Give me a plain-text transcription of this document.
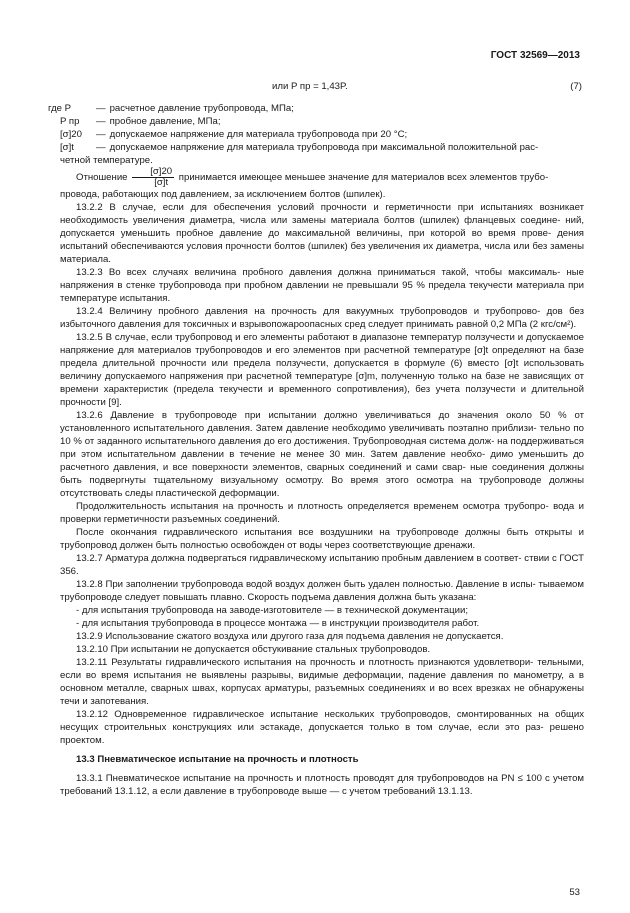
ГОСТ 32569—2013
или P пр = 1,43P.	(7)

где P	— расчетное давление трубопровода, МПа;

P пр	— пробное давление, МПа;

[σ]20	— допускаемое напряжение для материала трубопровода при 20 °С;

[σ]t	— допускаемое напряжение для материала трубопровода при максимальной положительной рас-
четной температуре.

Отношение $\frac{[\sigma]20}{[\sigma]t}$ принимается имеющее меньшее значение для материалов всех элементов трубо-

провода, работающих под давлением, за исключением болтов (шпилек).

13.2.2 В случае, если для обеспечения условий прочности и герметичности при испытаниях возникает необходимость увеличения диаметра, числа или замены материала болтов (шпилек) фланцевых соедине- ний, допускается уменьшить пробное давление до максимальной величины, при которой во время прове- дения испытаний обеспечиваются условия прочности болтов (шпилек) без увеличения их диаметра, числа или без замены материала.

13.2.3 Во всех случаях величина пробного давления должна приниматься такой, чтобы максималь- ные напряжения в стенке трубопровода при пробном давлении не превышали 95 % предела текучести материала при температуре испытания.

13.2.4 Величину пробного давления на прочность для вакуумных трубопроводов и трубопрово- дов без избыточного давления для токсичных и взрывопожароопасных сред следует принимать равной 0,2 МПа (2 кгс/см²).

13.2.5 В случае, если трубопровод и его элементы работают в диапазоне температур ползучести и допускаемое напряжение для материалов трубопроводов и его элементов при расчетной температуре [σ]t определяют на базе предела длительной прочности или предела ползучести, допускается в формуле (6) вместо [σ]t использовать величину допускаемого напряжения при расчетной температуре [σ]m, полученную только на базе не зависящих от времени характеристик (предела текучести и временного сопротивления), без учета ползучести и длительной прочности [9].

13.2.6 Давление в трубопроводе при испытании должно увеличиваться до значения около 50 % от установленного испытательного давления. Затем давление необходимо увеличивать поэтапно приблизи- тельно по 10 % от заданного испытательного давления до его достижения. Трубопроводная система долж- на поддерживаться при этом испытательном давлении в течение не менее 30 мин. Затем давление необхо- димо уменьшить до расчетного давления, и все поверхности элементов, сварных соединений и сами свар- ные соединения должны быть подвергнуты тщательному визуальному осмотру. Во время этого осмотра на трубопроводе должны отсутствовать следы пластической деформации.

Продолжительность испытания на прочность и плотность определяется временем осмотра трубопро- вода и проверки герметичности разъемных соединений.

После окончания гидравлического испытания все воздушники на трубопроводе должны быть открыты и трубопровод должен быть полностью освобожден от воды через соответствующие дренажи.

13.2.7 Арматура должна подвергаться гидравлическому испытанию пробным давлением в соответ- ствии с ГОСТ 356.

13.2.8 При заполнении трубопровода водой воздух должен быть удален полностью. Давление в испы- тываемом трубопроводе следует повышать плавно. Скорость подъема давления должна быть указана:

- для испытания трубопровода на заводе-изготовителе — в технической документации;

- для испытания трубопровода в процессе монтажа — в инструкции производителя работ.

13.2.9 Использование сжатого воздуха или другого газа для подъема давления не допускается.

13.2.10 При испытании не допускается обстукивание стальных трубопроводов.

13.2.11 Результаты гидравлического испытания на прочность и плотность признаются удовлетвори- тельными, если во время испытания не выявлены разрывы, видимые деформации, падение давления по манометру, а в основном металле, сварных швах, корпусах арматуры, разъемных соединениях и во всех врезках не обнаружены течи и запотевания.

13.2.12 Одновременное гидравлическое испытание нескольких трубопроводов, смонтированных на общих несущих строительных конструкциях или эстакаде, допускается только в том случае, если это раз- решено проектом.

13.3 Пневматическое испытание на прочность и плотность

13.3.1 Пневматическое испытание на прочность и плотность проводят для трубопроводов на PN ≤ 100 с учетом требований 13.1.12, а если давление в трубопроводе выше — с учетом требований 13.1.13.

53
